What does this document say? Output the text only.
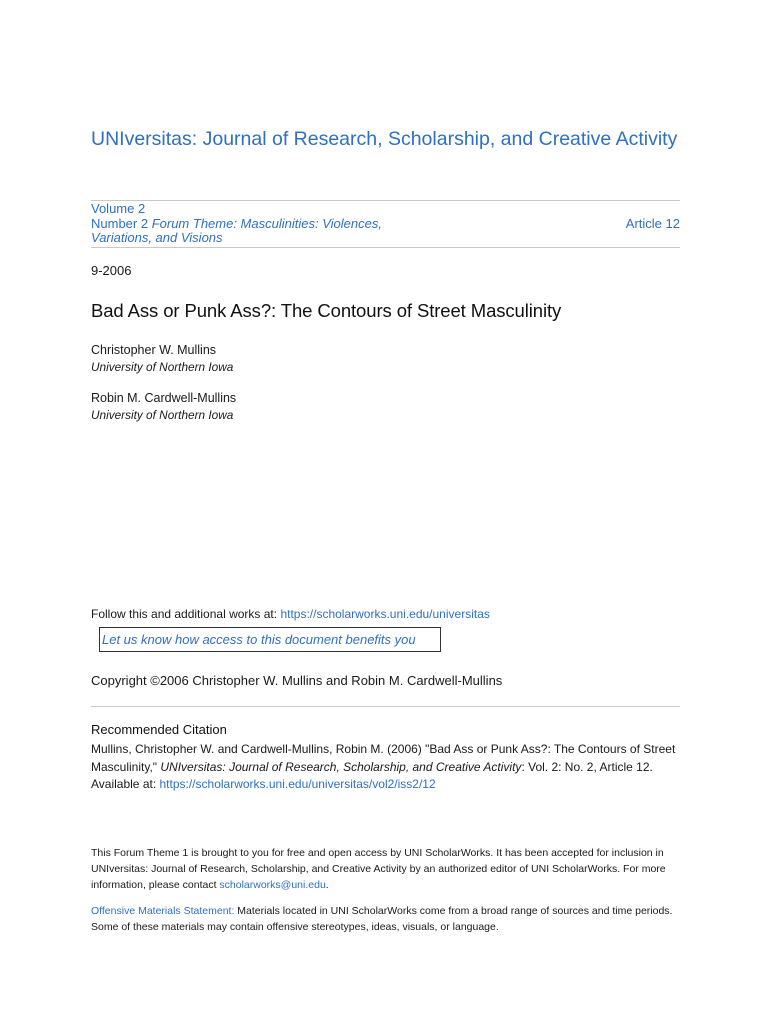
UNIversitas: Journal of Research, Scholarship, and Creative Activity
Volume 2
Number 2 Forum Theme: Masculinities: Violences, Variations, and Visions
Article 12
9-2006
Bad Ass or Punk Ass?: The Contours of Street Masculinity
Christopher W. Mullins
University of Northern Iowa
Robin M. Cardwell-Mullins
University of Northern Iowa
Follow this and additional works at: https://scholarworks.uni.edu/universitas
Let us know how access to this document benefits you
Copyright ©2006 Christopher W. Mullins and Robin M. Cardwell-Mullins
Recommended Citation
Mullins, Christopher W. and Cardwell-Mullins, Robin M. (2006) "Bad Ass or Punk Ass?: The Contours of Street Masculinity," UNIversitas: Journal of Research, Scholarship, and Creative Activity: Vol. 2: No. 2, Article 12.
Available at: https://scholarworks.uni.edu/universitas/vol2/iss2/12
This Forum Theme 1 is brought to you for free and open access by UNI ScholarWorks. It has been accepted for inclusion in UNIversitas: Journal of Research, Scholarship, and Creative Activity by an authorized editor of UNI ScholarWorks. For more information, please contact scholarworks@uni.edu.
Offensive Materials Statement: Materials located in UNI ScholarWorks come from a broad range of sources and time periods. Some of these materials may contain offensive stereotypes, ideas, visuals, or language.
